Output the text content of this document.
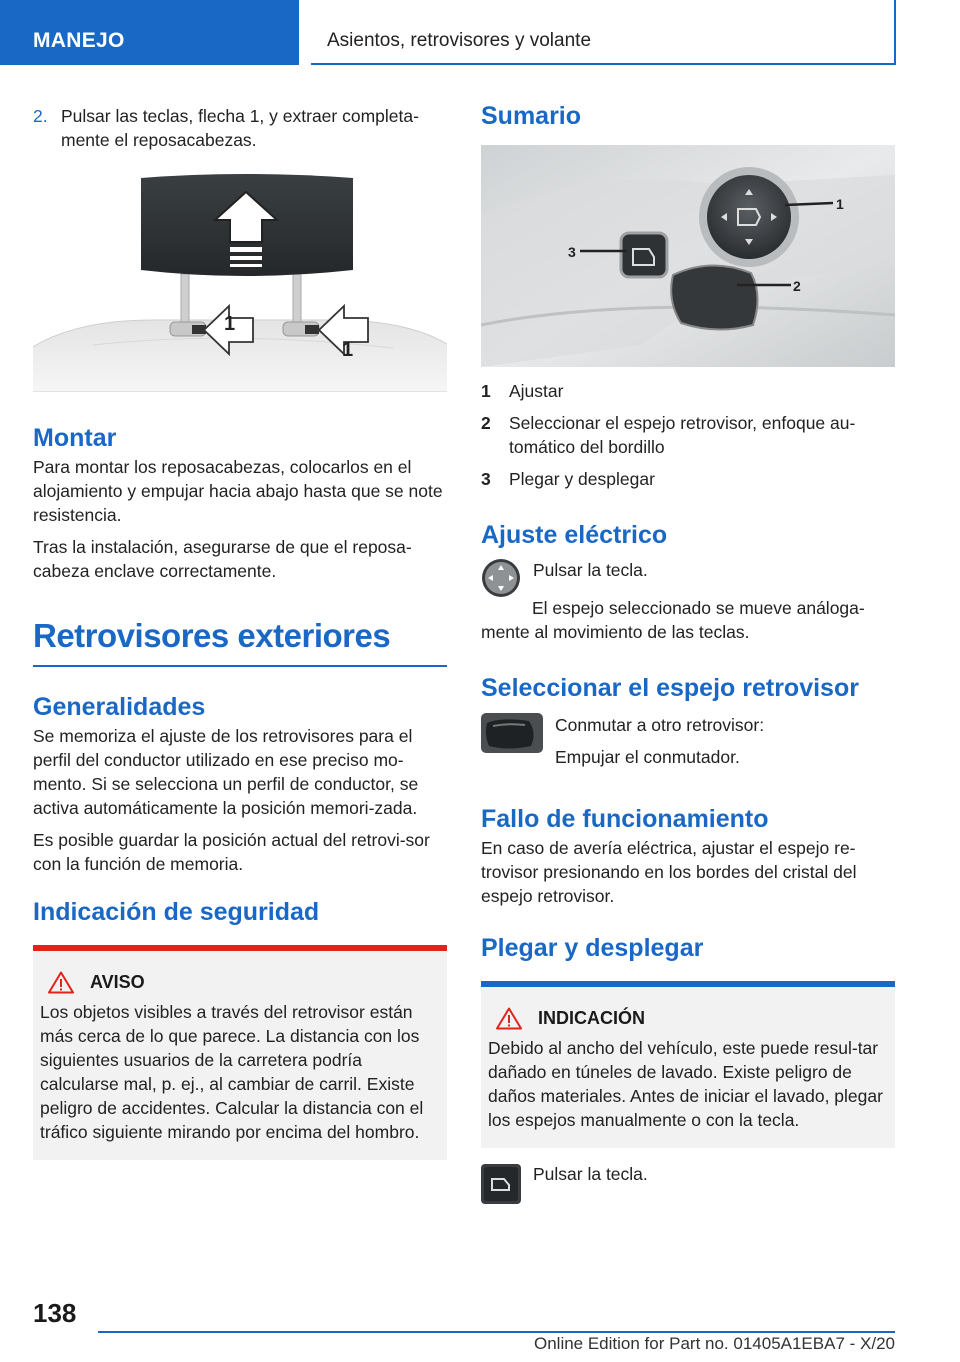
MANEJO	Asientos, retrovisores y volante
2. Pulsar las teclas, flecha 1, y extraer completa-mente el reposacabezas.
1
1
Montar

Para montar los reposacabezas, colocarlos en el alojamiento y empujar hacia abajo hasta que se note resistencia.

Tras la instalación, asegurarse de que el reposa-cabeza enclave correctamente.

Retrovisores exteriores
Generalidades

Se memoriza el ajuste de los retrovisores para el perfil del conductor utilizado en ese preciso mo-mento. Si se selecciona un perfil de conductor, se activa automáticamente la posición memori-zada.

Es posible guardar la posición actual del retrovi-sor con la función de memoria.

Indicación de seguridad
AVISO

Los objetos visibles a través del retrovisor están más cerca de lo que parece. La distancia con los siguientes usuarios de la carretera podría calcularse mal, p. ej., al cambiar de carril. Existe peligro de accidentes. Calcular la distancia con el tráfico siguiente mirando por encima del hombro.

Sumario
1
3
2
1	Ajustar
2	Seleccionar el espejo retrovisor, enfoque au-tomático del bordillo
3	Plegar y desplegar
Ajuste eléctrico

Pulsar la tecla.

El espejo seleccionado se mueve análoga-mente al movimiento de las teclas.

Seleccionar el espejo retrovisor

Conmutar a otro retrovisor:

Empujar el conmutador.

Fallo de funcionamiento

En caso de avería eléctrica, ajustar el espejo re-trovisor presionando en los bordes del cristal del espejo retrovisor.

Plegar y desplegar
INDICACIÓN

Debido al ancho del vehículo, este puede resul-tar dañado en túneles de lavado. Existe peligro de daños materiales. Antes de iniciar el lavado, plegar los espejos manualmente o con la tecla.

Pulsar la tecla.

138
Online Edition for Part no. 01405A1EBA7 - X/20
